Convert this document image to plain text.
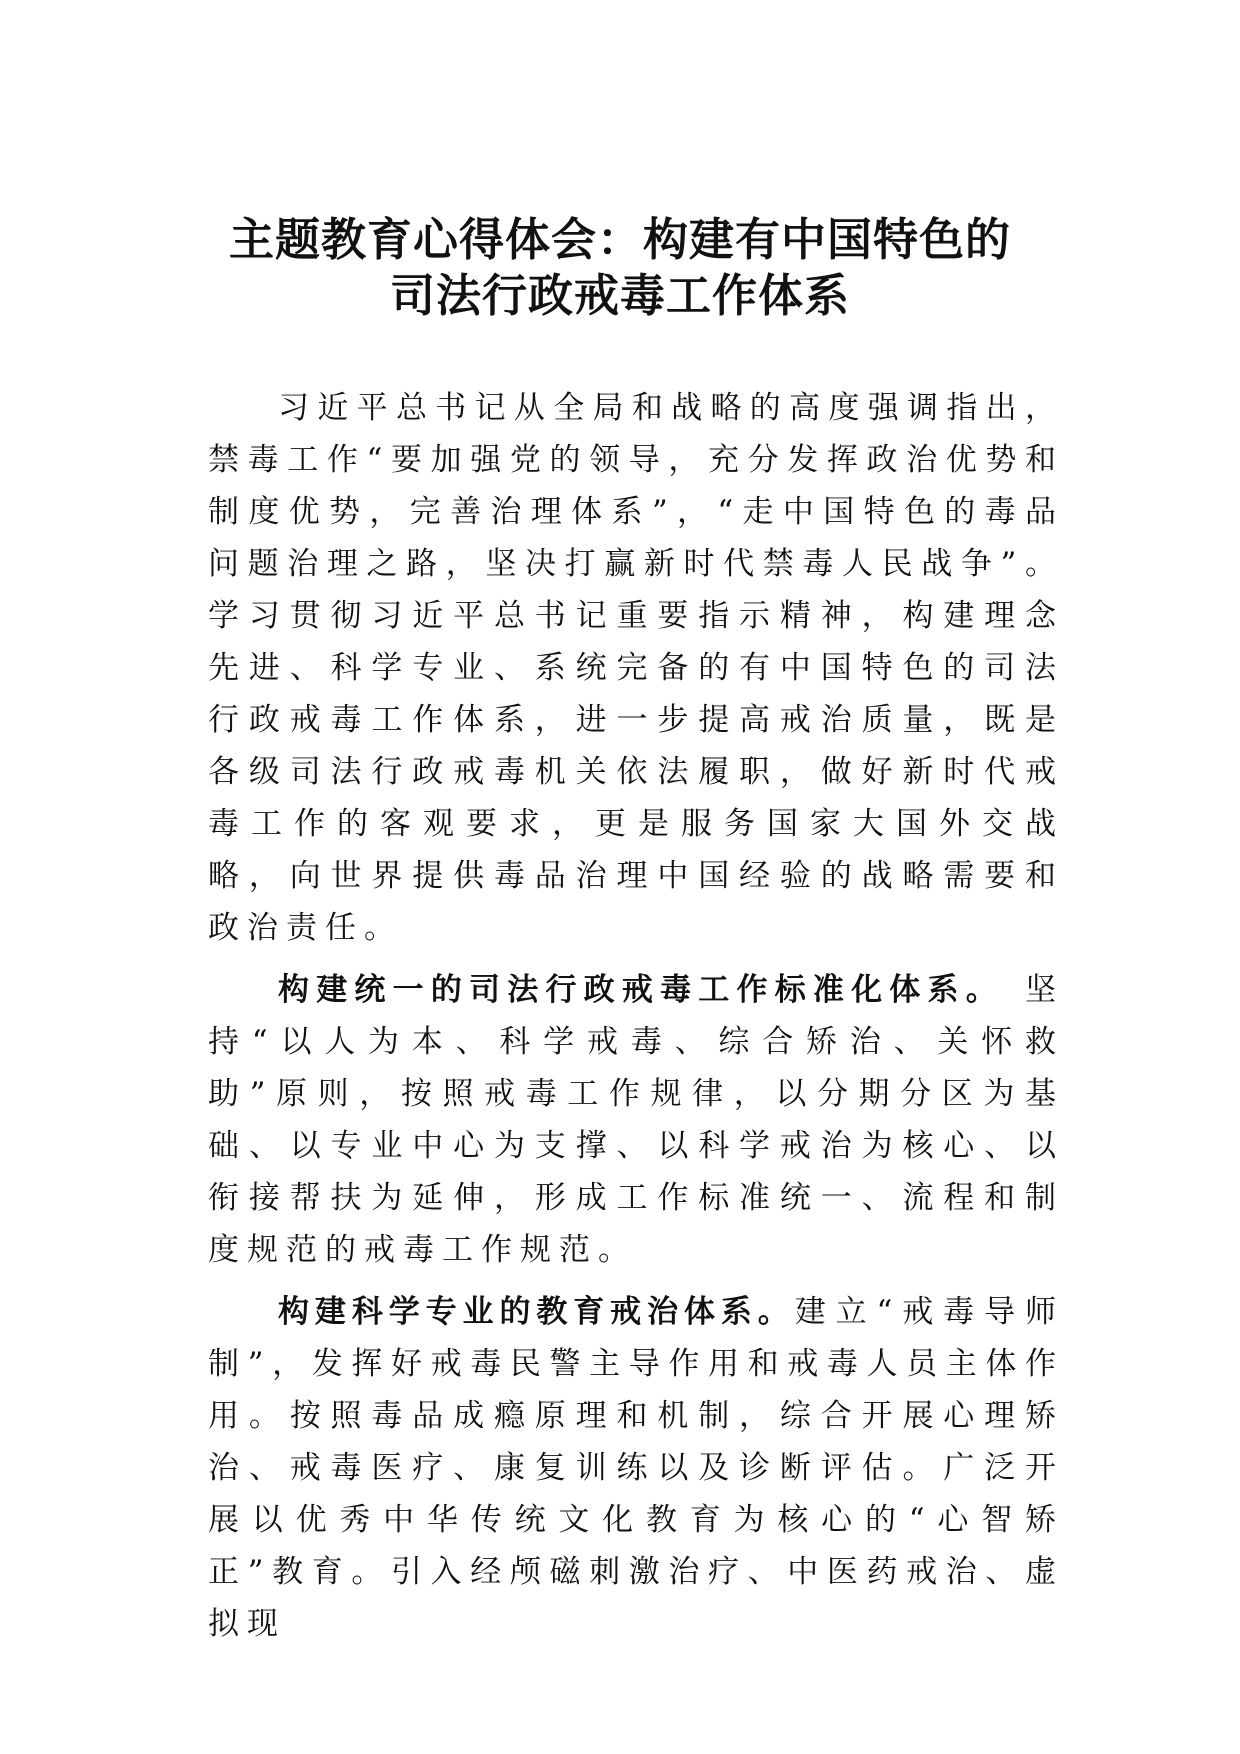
主题教育心得体会：构建有中国特色的
司法行政戒毒工作体系

习近平总书记从全局和战略的高度强调指出，禁毒工作“要加强党的领导，充分发挥政治优势和制度优势，完善治理体系”，“走中国特色的毒品问题治理之路，坚决打赢新时代禁毒人民战争”。学习贯彻习近平总书记重要指示精神，构建理念先进、科学专业、系统完备的有中国特色的司法行政戒毒工作体系，进一步提高戒治质量，既是各级司法行政戒毒机关依法履职，做好新时代戒毒工作的客观要求，更是服务国家大国外交战略，向世界提供毒品治理中国经验的战略需要和政治责任。

构建统一的司法行政戒毒工作标准化体系。 坚持“以人为本、科学戒毒、综合矫治、关怀救助”原则，按照戒毒工作规律，以分期分区为基础、以专业中心为支撑、以科学戒治为核心、以衔接帮扶为延伸，形成工作标准统一、流程和制度规范的戒毒工作规范。

构建科学专业的教育戒治体系。建立“戒毒导师制”，发挥好戒毒民警主导作用和戒毒人员主体作用。按照毒品成瘾原理和机制，综合开展心理矫治、戒毒医疗、康复训练以及诊断评估。广泛开展以优秀中华传统文化教育为核心的“心智矫正”教育。引入经颅磁刺激治疗、中医药戒治、虚拟现
